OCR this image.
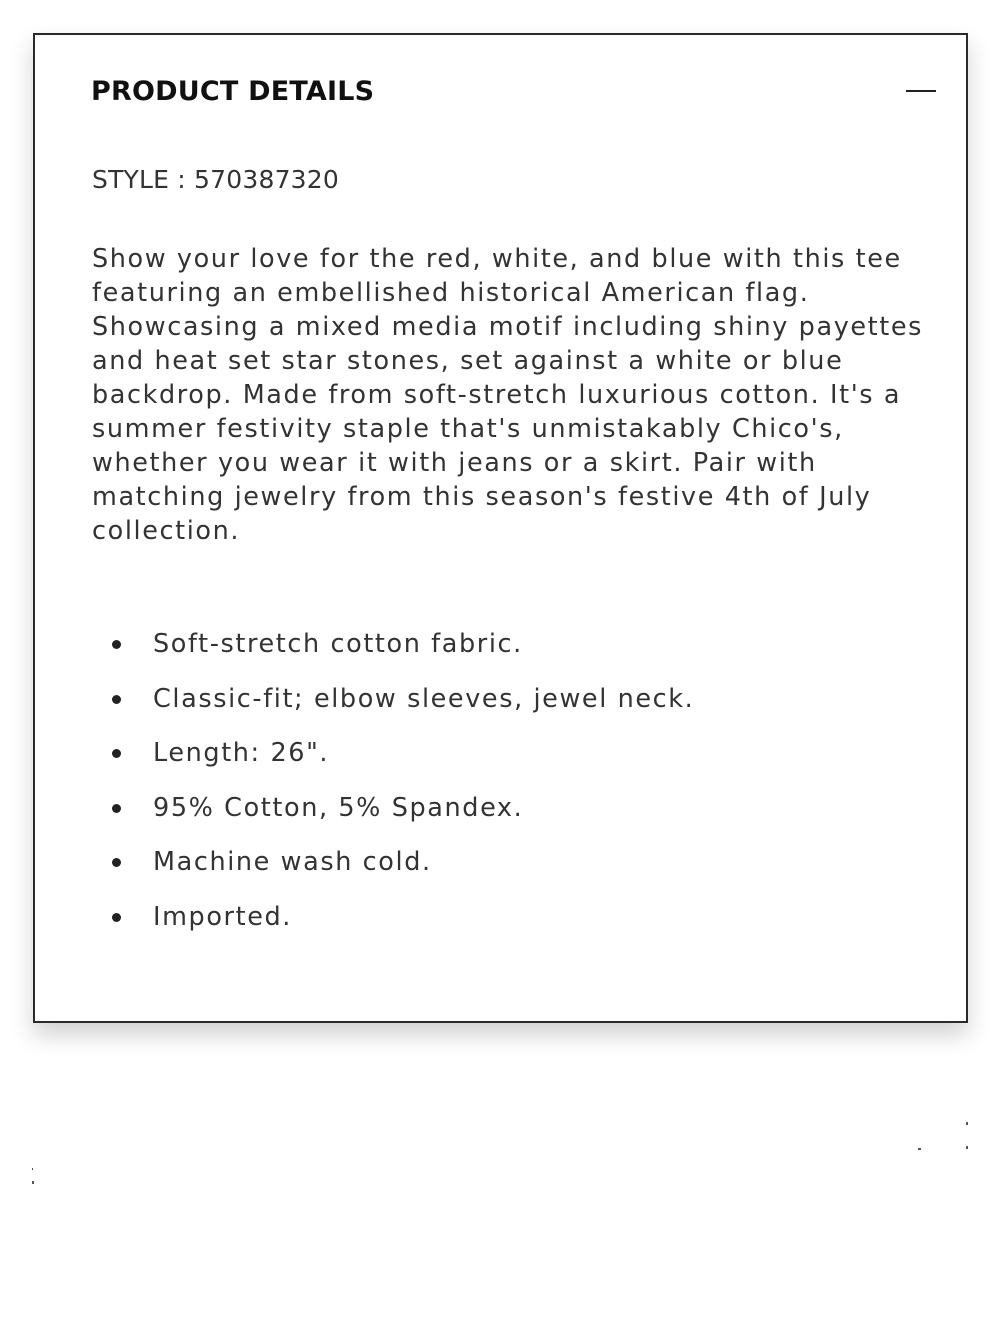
PRODUCT DETAILS
STYLE : 570387320

Show your love for the red, white, and blue with this tee featuring an embellished historical American flag. Showcasing a mixed media motif including shiny payettes and heat set star stones, set against a white or blue backdrop. Made from soft-stretch luxurious cotton. It's a summer festivity staple that's unmistakably Chico's, whether you wear it with jeans or a skirt. Pair with matching jewelry from this season's festive 4th of July collection.

Soft-stretch cotton fabric.
Classic-fit; elbow sleeves, jewel neck.
Length: 26".
95% Cotton, 5% Spandex.
Machine wash cold.
Imported.
